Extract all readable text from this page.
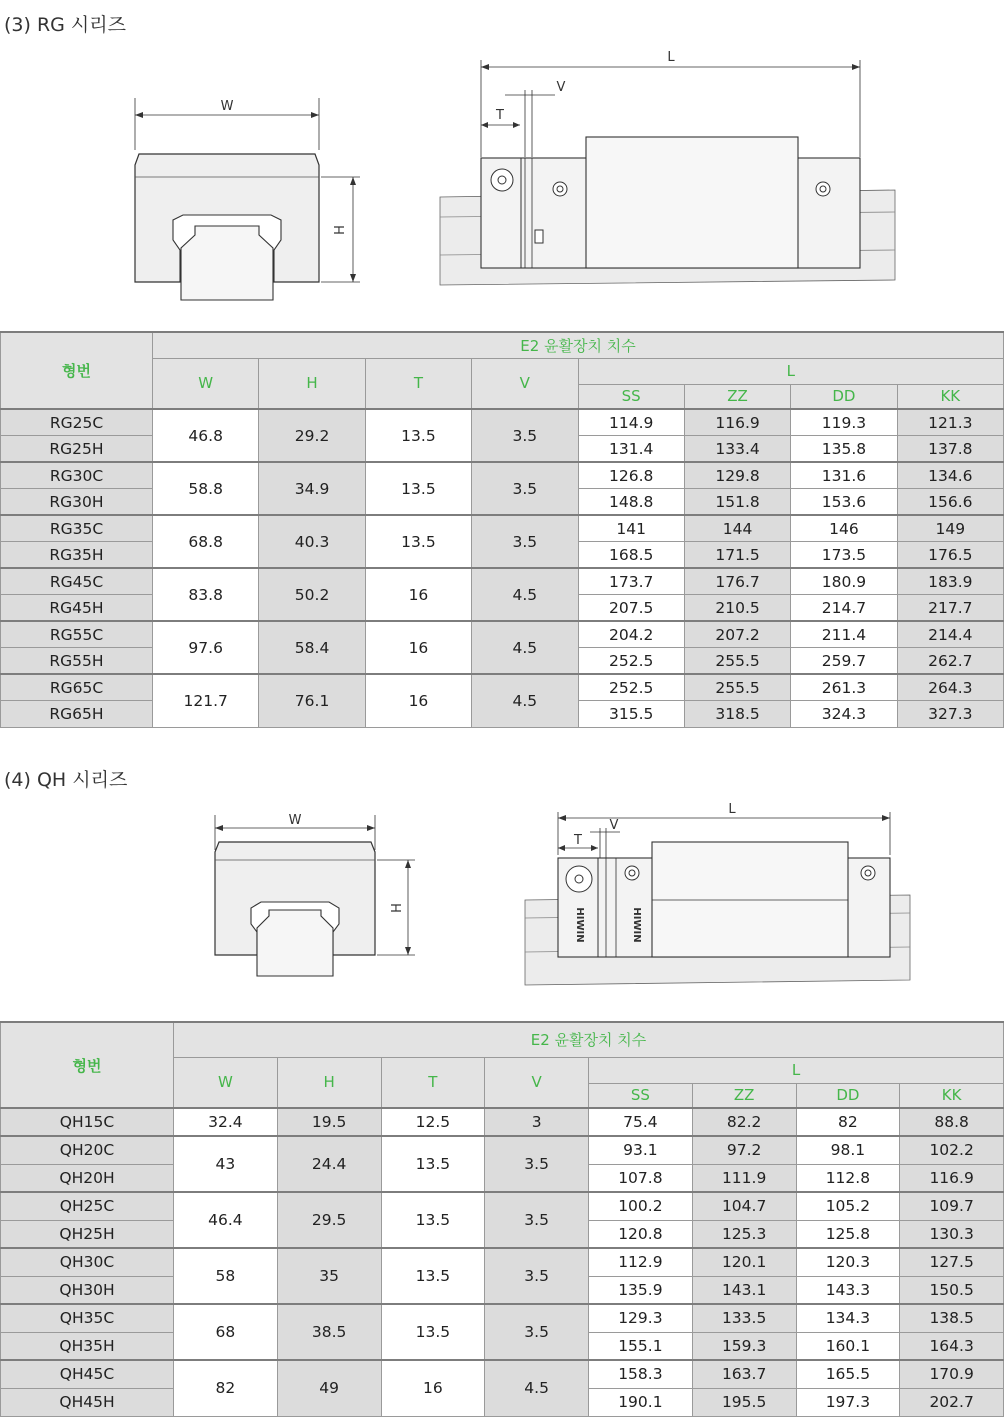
(3) RG 시리즈
W
H
L
V
T
형번	E2 윤활장치 치수							
	W	H	T	V	L			
					SS	ZZ	DD	KK
RG25C	46.8	29.2	13.5	3.5	114.9	116.9	119.3	121.3
RG25H					131.4	133.4	135.8	137.8
RG30C	58.8	34.9	13.5	3.5	126.8	129.8	131.6	134.6
RG30H					148.8	151.8	153.6	156.6
RG35C	68.8	40.3	13.5	3.5	141	144	146	149
RG35H					168.5	171.5	173.5	176.5
RG45C	83.8	50.2	16	4.5	173.7	176.7	180.9	183.9
RG45H					207.5	210.5	214.7	217.7
RG55C	97.6	58.4	16	4.5	204.2	207.2	211.4	214.4
RG55H					252.5	255.5	259.7	262.7
RG65C	121.7	76.1	16	4.5	252.5	255.5	261.3	264.3
RG65H					315.5	318.5	324.3	327.3
(4) QH 시리즈
W
H
L
V
T
HIWIN	HIWIN
형번	E2 윤활장치 치수							
	W	H	T	V	L			
					SS	ZZ	DD	KK
QH15C	32.4	19.5	12.5	3	75.4	82.2	82	88.8
QH20C	43	24.4	13.5	3.5	93.1	97.2	98.1	102.2
QH20H					107.8	111.9	112.8	116.9
QH25C	46.4	29.5	13.5	3.5	100.2	104.7	105.2	109.7
QH25H					120.8	125.3	125.8	130.3
QH30C	58	35	13.5	3.5	112.9	120.1	120.3	127.5
QH30H					135.9	143.1	143.3	150.5
QH35C	68	38.5	13.5	3.5	129.3	133.5	134.3	138.5
QH35H					155.1	159.3	160.1	164.3
QH45C	82	49	16	4.5	158.3	163.7	165.5	170.9
QH45H					190.1	195.5	197.3	202.7
